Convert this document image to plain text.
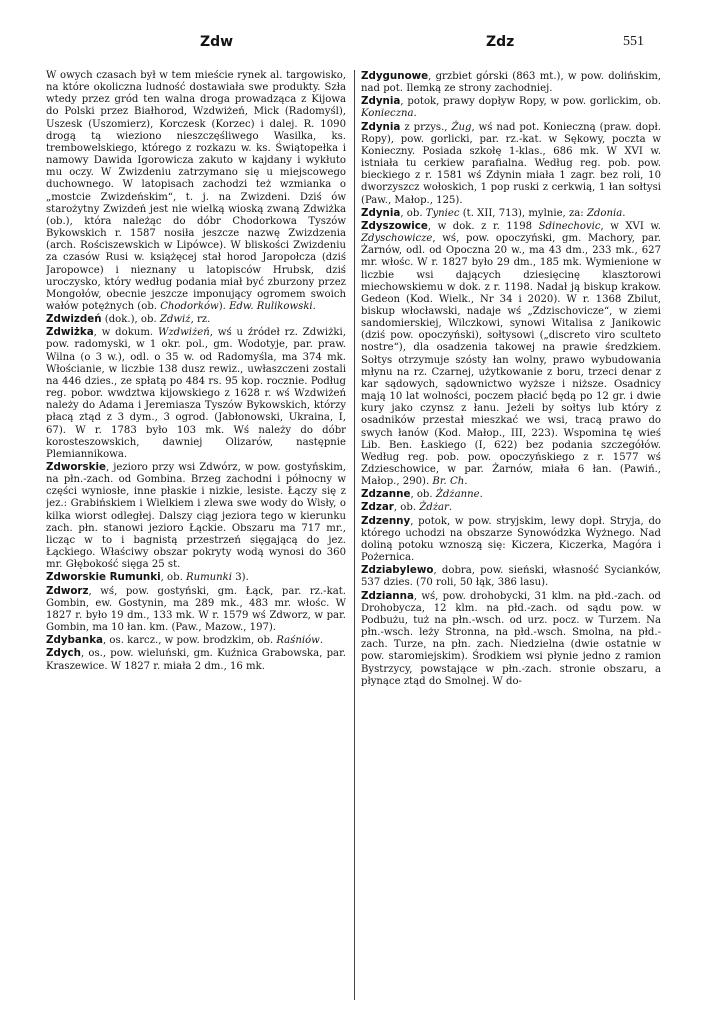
Zdw	Zdz	551

W owych czasach był w tem mieście rynek al. targowisko, na które okoliczna ludność dostawiała swe produkty. Szła wtedy przez gród ten walna droga prowadząca z Kijowa do Polski przez Białhorod, Wzdwiżeń, Mick (Radomyśl), Uszesk (Uszomierz), Korczesk (Korzec) i dalej. R. 1090 drogą tą wieziono nieszczęśliwego Wasilka, ks. trembowelskiego, którego z rozkazu w. ks. Świątopełka i namowy Dawida Igorowicza zakuto w kajdany i wykłuto mu oczy. W Zwizdeniu zatrzymano się u miejscowego duchownego. W latopisach zachodzi też wzmianka o „mostcie Zwizdeńskim“, t. j. na Zwizdeni. Dziś ów starożytny Zwizdeń jest nie wielką wioską zwaną Zdwiżka (ob.), która należąc do dóbr Chodorkowa Tyszów Bykowskich r. 1587 nosiła jeszcze nazwę Zwizdzenia (arch. Rościszewskich w Lipówce). W bliskości Zwizdeniu za czasów Rusi w. książęcej stał horod Jaropołcza (dziś Jaropowce) i nieznany u latopisców Hrubsk, dziś uroczysko, który według podania miał być zburzony przez Mongołów, obecnie jeszcze imponujący ogromem swoich wałów potężnych (ob. Chodorków). Edw. Rulikowski.

Zdwizdeń (dok.), ob. Zdwiż, rz.

Zdwiżka, w dokum. Wzdwiżeń, wś u źródeł rz. Zdwiżki, pow. radomyski, w 1 okr. pol., gm. Wodotyje, par. praw. Wilna (o 3 w.), odl. o 35 w. od Radomyśla, ma 374 mk. Włościanie, w liczbie 138 dusz rewiz., uwłaszczeni zostali na 446 dzies., ze spłatą po 484 rs. 95 kop. rocznie. Podług reg. pobor. wwdztwa kijowskiego z 1628 r. wś Wzdwiżeń należy do Adama i Jeremiasza Tyszów Bykowskich, którzy płacą ztąd z 3 dym., 3 ogrod. (Jabłonowski, Ukraina, I, 67). W r. 1783 było 103 mk. Wś należy do dóbr korosteszowskich, dawniej Olizarów, następnie Plemiannikowa.

Zdworskie, jezioro przy wsi Zdwórz, w pow. gostyńskim, na płn.-zach. od Gombina. Brzeg zachodni i północny w części wyniosłe, inne płaskie i nizkie, lesiste. Łączy się z jez.: Grabińskiem i Wielkiem i zlewa swe wody do Wisły, o kilka wiorst odległej. Dalszy ciąg jeziora tego w kierunku zach. płn. stanowi jezioro Łąckie. Obszaru ma 717 mr., licząc w to i bagnistą przestrzeń sięgającą do jez. Łąckiego. Właściwy obszar pokryty wodą wynosi do 360 mr. Głębokość sięga 25 st.

Zdworskie Rumunki, ob. Rumunki 3).

Zdworz, wś, pow. gostyński, gm. Łąck, par. rz.-kat. Gombin, ew. Gostynin, ma 289 mk., 483 mr. włośc. W 1827 r. było 19 dm., 133 mk. W r. 1579 wś Zdworz, w par. Gombin, ma 10 łan. km. (Paw., Mazow., 197).

Zdybanka, os. karcz., w pow. brodzkim, ob. Raśniów.

Zdych, os., pow. wieluński, gm. Kuźnica Grabowska, par. Kraszewice. W 1827 r. miała 2 dm., 16 mk.

Zdygunowe, grzbiet górski (863 mt.), w pow. dolińskim, nad pot. Ilemką ze strony zachodniej.

Zdynia, potok, prawy dopływ Ropy, w pow. gorlickim, ob. Konieczna.

Zdynia z przys., Żug, wś nad pot. Konieczną (praw. dopł. Ropy), pow. gorlicki, par. rz.-kat. w Sękowy, poczta w Konieczny. Posiada szkołę 1-klas., 686 mk. W XVI w. istniała tu cerkiew parafialna. Według reg. pob. pow. bieckiego z r. 1581 wś Zdynin miała 1 zagr. bez roli, 10 dworzyszcz wołoskich, 1 pop ruski z cerkwią, 1 łan sołtysi (Paw., Małop., 125).

Zdynia, ob. Tyniec (t. XII, 713), mylnie, za: Zdonia.

Zdyszowice, w dok. z r. 1198 Sdinechovic, w XVI w. Zdyschowicze, wś, pow. opoczyński, gm. Machory, par. Żarnów, odl. od Opoczna 20 w., ma 43 dm., 233 mk., 627 mr. włośc. W r. 1827 było 29 dm., 185 mk. Wymienione w liczbie wsi dających dziesięcinę klasztorowi miechowskiemu w dok. z r. 1198. Nadał ją biskup krakow. Gedeon (Kod. Wielk., Nr 34 i 2020). W r. 1368 Zbilut, biskup włocławski, nadaje wś „Zdzischovicze“, w ziemi sandomierskiej, Wilczkowi, synowi Witalisa z Janikowic (dziś pow. opoczyński), sołtysowi („discreto viro sculteto nostre“), dla osadzenia takowej na prawie średzkiem. Sołtys otrzymuje szósty łan wolny, prawo wybudowania młynu na rz. Czarnej, użytkowanie z boru, trzeci denar z kar sądowych, sądownictwo wyższe i niższe. Osadnicy mają 10 lat wolności, poczem płacić będą po 12 gr. i dwie kury jako czynsz z łanu. Jeżeli by sołtys lub który z osadników przestał mieszkać we wsi, tracą prawo do swych łanów (Kod. Małop., III, 223). Wspomina tę wieś Lib. Ben. Łaskiego (I, 622) bez podania szczegółów. Według reg. pob. pow. opoczyńskiego z r. 1577 wś Zdzieschowice, w par. Żarnów, miała 6 łan. (Pawiń., Małop., 290). Br. Ch.

Zdzanne, ob. Żdżanne.

Zdzar, ob. Żdżar.

Zdzenny, potok, w pow. stryjskim, lewy dopł. Stryja, do którego uchodzi na obszarze Synowódzka Wyżnego. Nad doliną potoku wznoszą się: Kiczera, Kiczerka, Magóra i Pożernica.

Zdziabylewo, dobra, pow. sieński, własność Sycianków, 537 dzies. (70 roli, 50 łąk, 386 lasu).

Zdzianna, wś, pow. drohobycki, 31 klm. na płd.-zach. od Drohobycza, 12 klm. na płd.-zach. od sądu pow. w Podbużu, tuż na płn.-wsch. od urz. pocz. w Turzem. Na płn.-wsch. leży Stronna, na płd.-wsch. Smolna, na płd.-zach. Turze, na płn. zach. Niedzielna (dwie ostatnie w pow. staromiejskim). Środkiem wsi płynie jedno z ramion Bystrzycy, powstające w płn.-zach. stronie obszaru, a płynące ztąd do Smolnej. W do-
